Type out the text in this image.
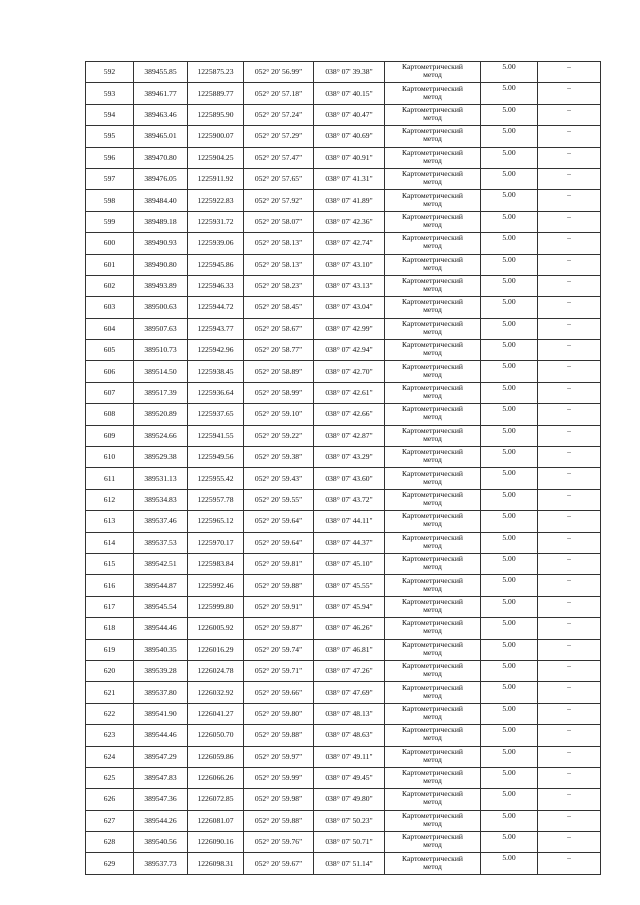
592	389455.85	1225875.23	052° 20' 56.99"	038° 07' 39.38"	Картометрический
метод	5.00	–
593	389461.77	1225889.77	052° 20' 57.18"	038° 07' 40.15"	Картометрический
метод	5.00	–
594	389463.46	1225895.90	052° 20' 57.24"	038° 07' 40.47"	Картометрический
метод	5.00	–
595	389465.01	1225900.07	052° 20' 57.29"	038° 07' 40.69"	Картометрический
метод	5.00	–
596	389470.80	1225904.25	052° 20' 57.47"	038° 07' 40.91"	Картометрический
метод	5.00	–
597	389476.05	1225911.92	052° 20' 57.65"	038° 07' 41.31"	Картометрический
метод	5.00	–
598	389484.40	1225922.83	052° 20' 57.92"	038° 07' 41.89"	Картометрический
метод	5.00	–
599	389489.18	1225931.72	052° 20' 58.07"	038° 07' 42.36"	Картометрический
метод	5.00	–
600	389490.93	1225939.06	052° 20' 58.13"	038° 07' 42.74"	Картометрический
метод	5.00	–
601	389490.80	1225945.86	052° 20' 58.13"	038° 07' 43.10"	Картометрический
метод	5.00	–
602	389493.89	1225946.33	052° 20' 58.23"	038° 07' 43.13"	Картометрический
метод	5.00	–
603	389500.63	1225944.72	052° 20' 58.45"	038° 07' 43.04"	Картометрический
метод	5.00	–
604	389507.63	1225943.77	052° 20' 58.67"	038° 07' 42.99"	Картометрический
метод	5.00	–
605	389510.73	1225942.96	052° 20' 58.77"	038° 07' 42.94"	Картометрический
метод	5.00	–
606	389514.50	1225938.45	052° 20' 58.89"	038° 07' 42.70"	Картометрический
метод	5.00	–
607	389517.39	1225936.64	052° 20' 58.99"	038° 07' 42.61"	Картометрический
метод	5.00	–
608	389520.89	1225937.65	052° 20' 59.10"	038° 07' 42.66"	Картометрический
метод	5.00	–
609	389524.66	1225941.55	052° 20' 59.22"	038° 07' 42.87"	Картометрический
метод	5.00	–
610	389529.38	1225949.56	052° 20' 59.38"	038° 07' 43.29"	Картометрический
метод	5.00	–
611	389531.13	1225955.42	052° 20' 59.43"	038° 07' 43.60"	Картометрический
метод	5.00	–
612	389534.83	1225957.78	052° 20' 59.55"	038° 07' 43.72"	Картометрический
метод	5.00	–
613	389537.46	1225965.12	052° 20' 59.64"	038° 07' 44.11"	Картометрический
метод	5.00	–
614	389537.53	1225970.17	052° 20' 59.64"	038° 07' 44.37"	Картометрический
метод	5.00	–
615	389542.51	1225983.84	052° 20' 59.81"	038° 07' 45.10"	Картометрический
метод	5.00	–
616	389544.87	1225992.46	052° 20' 59.88"	038° 07' 45.55"	Картометрический
метод	5.00	–
617	389545.54	1225999.80	052° 20' 59.91"	038° 07' 45.94"	Картометрический
метод	5.00	–
618	389544.46	1226005.92	052° 20' 59.87"	038° 07' 46.26"	Картометрический
метод	5.00	–
619	389540.35	1226016.29	052° 20' 59.74"	038° 07' 46.81"	Картометрический
метод	5.00	–
620	389539.28	1226024.78	052° 20' 59.71"	038° 07' 47.26"	Картометрический
метод	5.00	–
621	389537.80	1226032.92	052° 20' 59.66"	038° 07' 47.69"	Картометрический
метод	5.00	–
622	389541.90	1226041.27	052° 20' 59.80"	038° 07' 48.13"	Картометрический
метод	5.00	–
623	389544.46	1226050.70	052° 20' 59.88"	038° 07' 48.63"	Картометрический
метод	5.00	–
624	389547.29	1226059.86	052° 20' 59.97"	038° 07' 49.11"	Картометрический
метод	5.00	–
625	389547.83	1226066.26	052° 20' 59.99"	038° 07' 49.45"	Картометрический
метод	5.00	–
626	389547.36	1226072.85	052° 20' 59.98"	038° 07' 49.80"	Картометрический
метод	5.00	–
627	389544.26	1226081.07	052° 20' 59.88"	038° 07' 50.23"	Картометрический
метод	5.00	–
628	389540.56	1226090.16	052° 20' 59.76"	038° 07' 50.71"	Картометрический
метод	5.00	–
629	389537.73	1226098.31	052° 20' 59.67"	038° 07' 51.14"	Картометрический
метод	5.00	–
